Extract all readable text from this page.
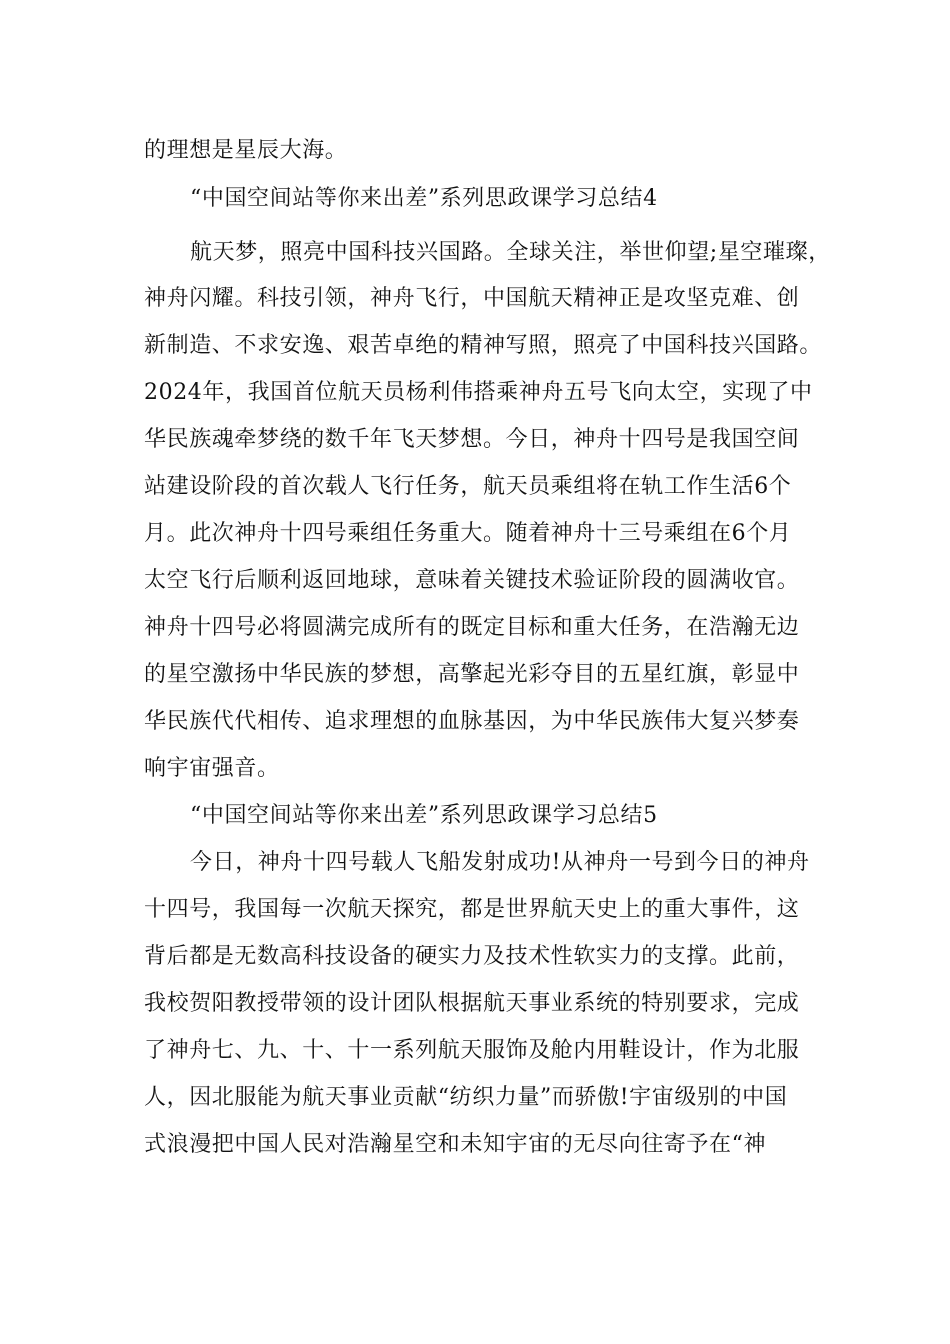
的理想是星辰大海。
“中国空间站等你来出差”系列思政课学习总结4
航天梦，照亮中国科技兴国路。全球关注，举世仰望;星空璀璨，
神舟闪耀。科技引领，神舟飞行，中国航天精神正是攻坚克难、创
新制造、不求安逸、艰苦卓绝的精神写照，照亮了中国科技兴国路。
2024年，我国首位航天员杨利伟搭乘神舟五号飞向太空，实现了中
华民族魂牵梦绕的数千年飞天梦想。今日，神舟十四号是我国空间
站建设阶段的首次载人飞行任务，航天员乘组将在轨工作生活6个
月。此次神舟十四号乘组任务重大。随着神舟十三号乘组在6个月
太空飞行后顺利返回地球，意味着关键技术验证阶段的圆满收官。
神舟十四号必将圆满完成所有的既定目标和重大任务，在浩瀚无边
的星空激扬中华民族的梦想，高擎起光彩夺目的五星红旗，彰显中
华民族代代相传、追求理想的血脉基因，为中华民族伟大复兴梦奏
响宇宙强音。
“中国空间站等你来出差”系列思政课学习总结5
今日，神舟十四号载人飞船发射成功!从神舟一号到今日的神舟
十四号，我国每一次航天探究，都是世界航天史上的重大事件，这
背后都是无数高科技设备的硬实力及技术性软实力的支撑。此前，
我校贺阳教授带领的设计团队根据航天事业系统的特别要求，完成
了神舟七、九、十、十一系列航天服饰及舱内用鞋设计，作为北服
人，因北服能为航天事业贡献“纺织力量”而骄傲!宇宙级别的中国
式浪漫把中国人民对浩瀚星空和未知宇宙的无尽向往寄予在“神
